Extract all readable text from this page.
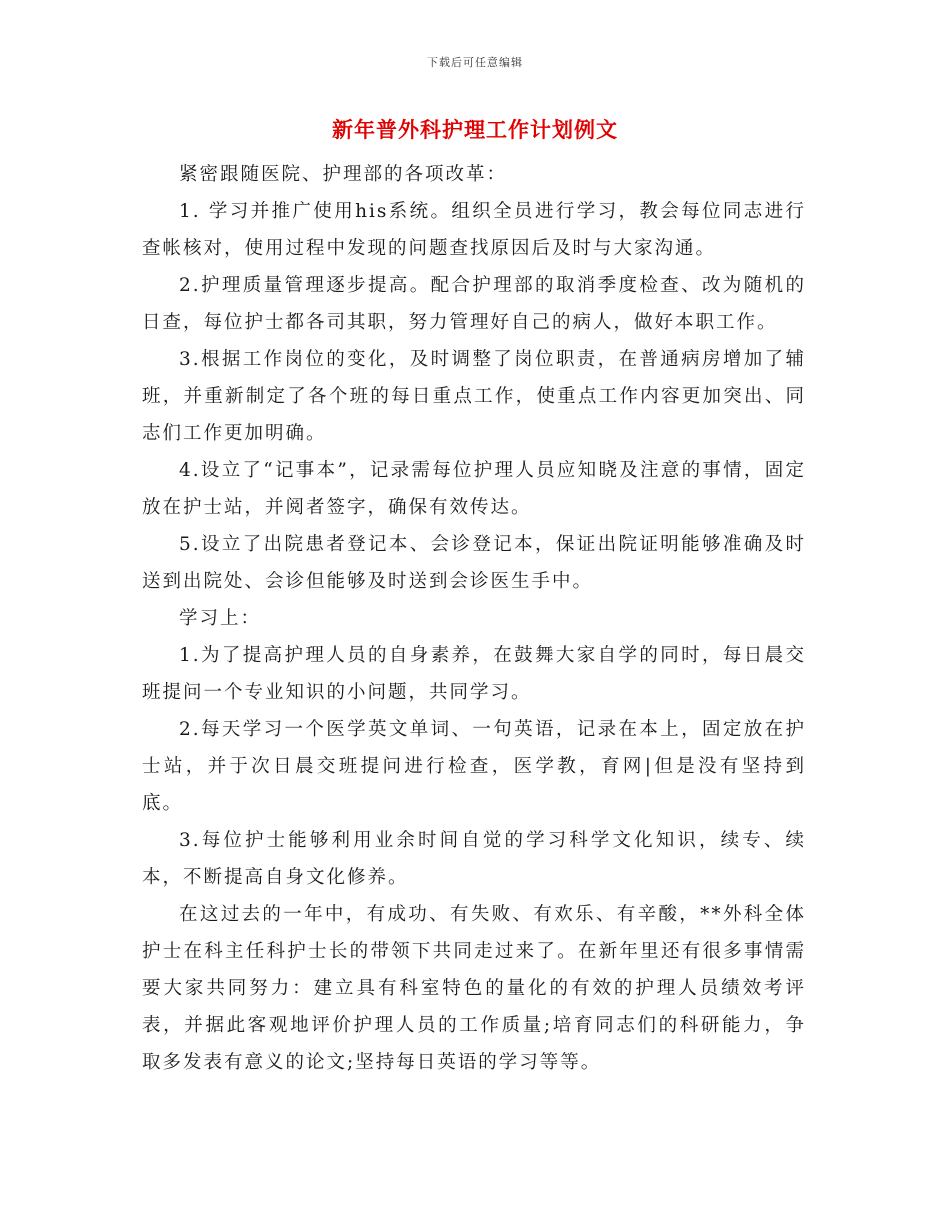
下载后可任意编辑
新年普外科护理工作计划例文

紧密跟随医院、护理部的各项改革：

1. 学习并推广使用his系统。组织全员进行学习，教会每位同志进行查帐核对，使用过程中发现的问题查找原因后及时与大家沟通。

2.护理质量管理逐步提高。配合护理部的取消季度检查、改为随机的日查，每位护士都各司其职，努力管理好自己的病人，做好本职工作。

3.根据工作岗位的变化，及时调整了岗位职责，在普通病房增加了辅班，并重新制定了各个班的每日重点工作，使重点工作内容更加突出、同志们工作更加明确。

4.设立了“记事本”，记录需每位护理人员应知晓及注意的事情，固定放在护士站，并阅者签字，确保有效传达。

5.设立了出院患者登记本、会诊登记本，保证出院证明能够准确及时送到出院处、会诊但能够及时送到会诊医生手中。

学习上：

1.为了提高护理人员的自身素养，在鼓舞大家自学的同时，每日晨交班提问一个专业知识的小问题，共同学习。

2.每天学习一个医学英文单词、一句英语，记录在本上，固定放在护士站，并于次日晨交班提问进行检查，医学教，育网|但是没有坚持到底。

3.每位护士能够利用业余时间自觉的学习科学文化知识，续专、续本，不断提高自身文化修养。

在这过去的一年中，有成功、有失败、有欢乐、有辛酸，**外科全体护士在科主任科护士长的带领下共同走过来了。在新年里还有很多事情需要大家共同努力：建立具有科室特色的量化的有效的护理人员绩效考评表，并据此客观地评价护理人员的工作质量;培育同志们的科研能力，争取多发表有意义的论文;坚持每日英语的学习等等。
